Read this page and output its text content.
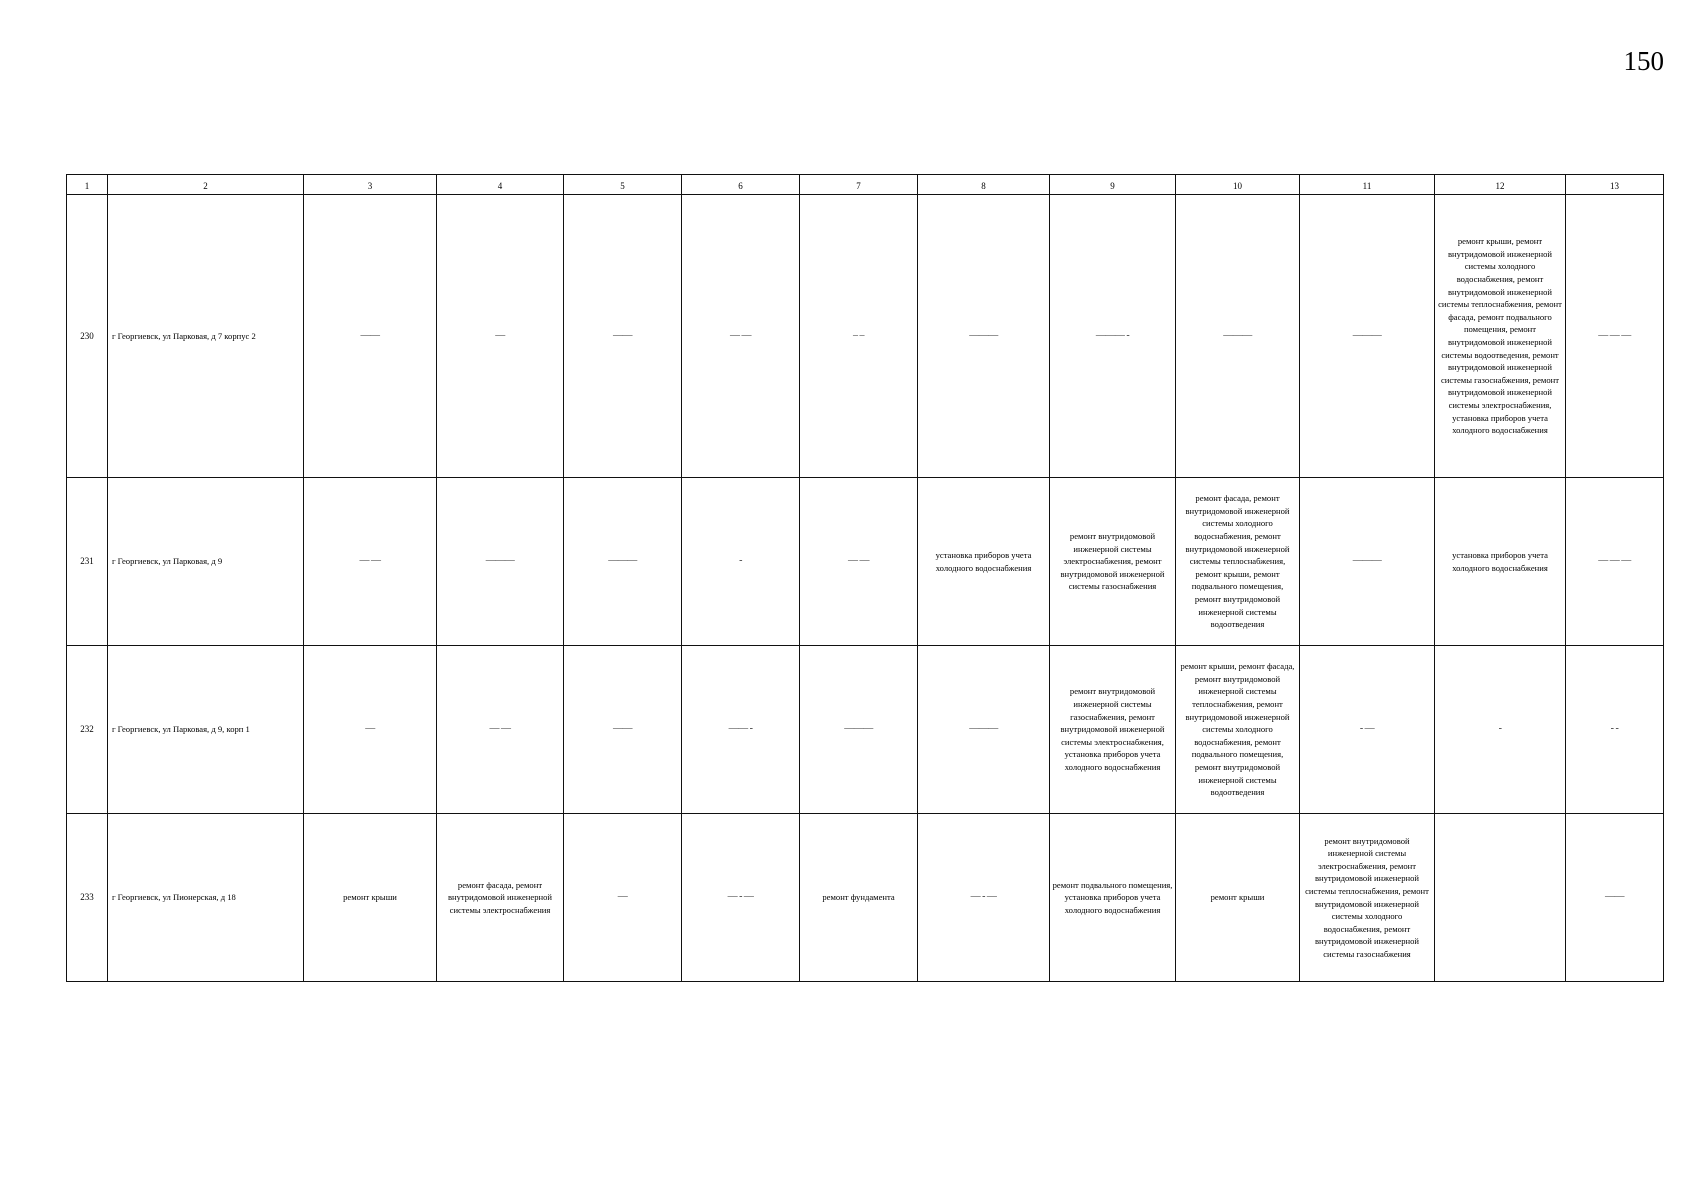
150
1	2	3	4	5	6	7	8	9	10	11	12	13
230	г Георгиевск, ул Парковая, д 7 корпус 2	——	—	——	— —	– –	———	——— -	———	———	ремонт крыши, ремонт внутридомовой инженерной системы холодного водоснабжения, ремонт внутридомовой инженерной системы теплоснабжения, ремонт фасада, ремонт подвального помещения, ремонт внутридомовой инженерной системы водоотведения, ремонт внутридомовой инженерной системы газоснабжения, ремонт внутридомовой инженерной системы электроснабжения, установка приборов учета холодного водоснабжения	— — —
231	г Георгиевск, ул Парковая, д 9	— —	———	———	-	— —	установка приборов учета холодного водоснабжения	ремонт внутридомовой инженерной системы электроснабжения, ремонт внутридомовой инженерной системы газоснабжения	ремонт фасада, ремонт внутридомовой инженерной системы холодного водоснабжения, ремонт внутридомовой инженерной системы теплоснабжения, ремонт крыши, ремонт подвального помещения, ремонт внутридомовой инженерной системы водоотведения	———	установка приборов учета холодного водоснабжения	— — —
232	г Георгиевск, ул Парковая, д 9, корп 1	—	— —	——	—— -	———	———	ремонт внутридомовой инженерной системы газоснабжения, ремонт внутридомовой инженерной системы электроснабжения, установка приборов учета холодного водоснабжения	ремонт крыши, ремонт фасада, ремонт внутридомовой инженерной системы теплоснабжения, ремонт внутридомовой инженерной системы холодного водоснабжения, ремонт подвального помещения, ремонт внутридомовой инженерной системы водоотведения	- —	-	- -
233	г Георгиевск, ул Пионерская, д 18	ремонт крыши	ремонт фасада, ремонт внутридомовой инженерной системы электроснабжения	—	— - —	ремонт фундамента	— - —	ремонт подвального помещения, установка приборов учета холодного водоснабжения	ремонт крыши	ремонт внутридомовой инженерной системы электроснабжения, ремонт внутридомовой инженерной системы теплоснабжения, ремонт внутридомовой инженерной системы холодного водоснабжения, ремонт внутридомовой инженерной системы газоснабжения		——
